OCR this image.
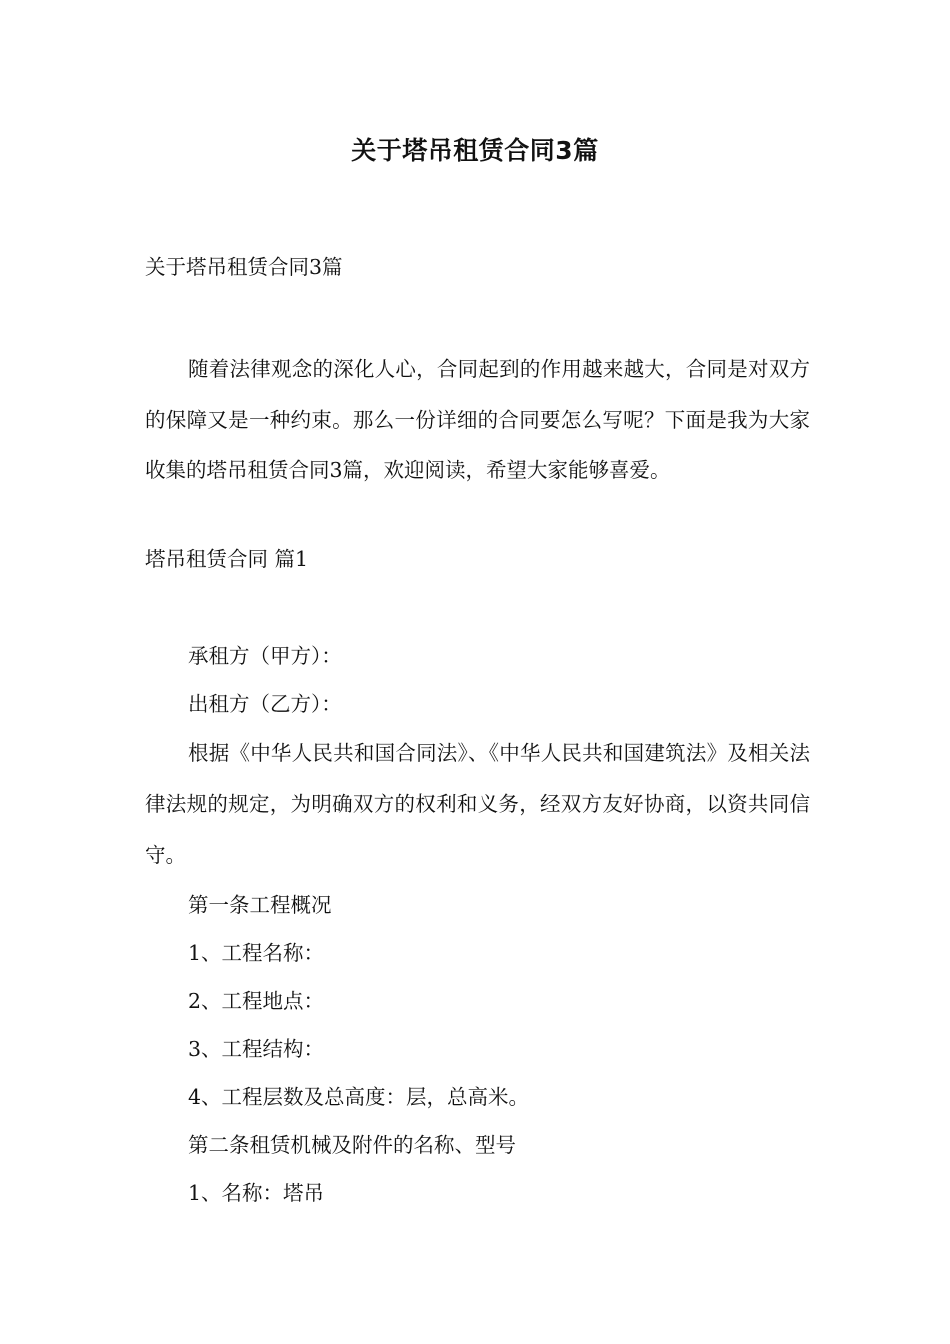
关于塔吊租赁合同3篇
关于塔吊租赁合同3篇
随着法律观念的深化人心，合同起到的作用越来越大，合同是对双方的保障又是一种约束。那么一份详细的合同要怎么写呢？下面是我为大家收集的塔吊租赁合同3篇，欢迎阅读，希望大家能够喜爱。
塔吊租赁合同 篇1

承租方（甲方）：

出租方（乙方）：

根据《中华人民共和国合同法》、《中华人民共和国建筑法》及相关法律法规的规定，为明确双方的权利和义务，经双方友好协商，以资共同信守。

第一条工程概况

1、工程名称：

2、工程地点：

3、工程结构：

4、工程层数及总高度：层，总高米。

第二条租赁机械及附件的名称、型号

1、名称：塔吊
